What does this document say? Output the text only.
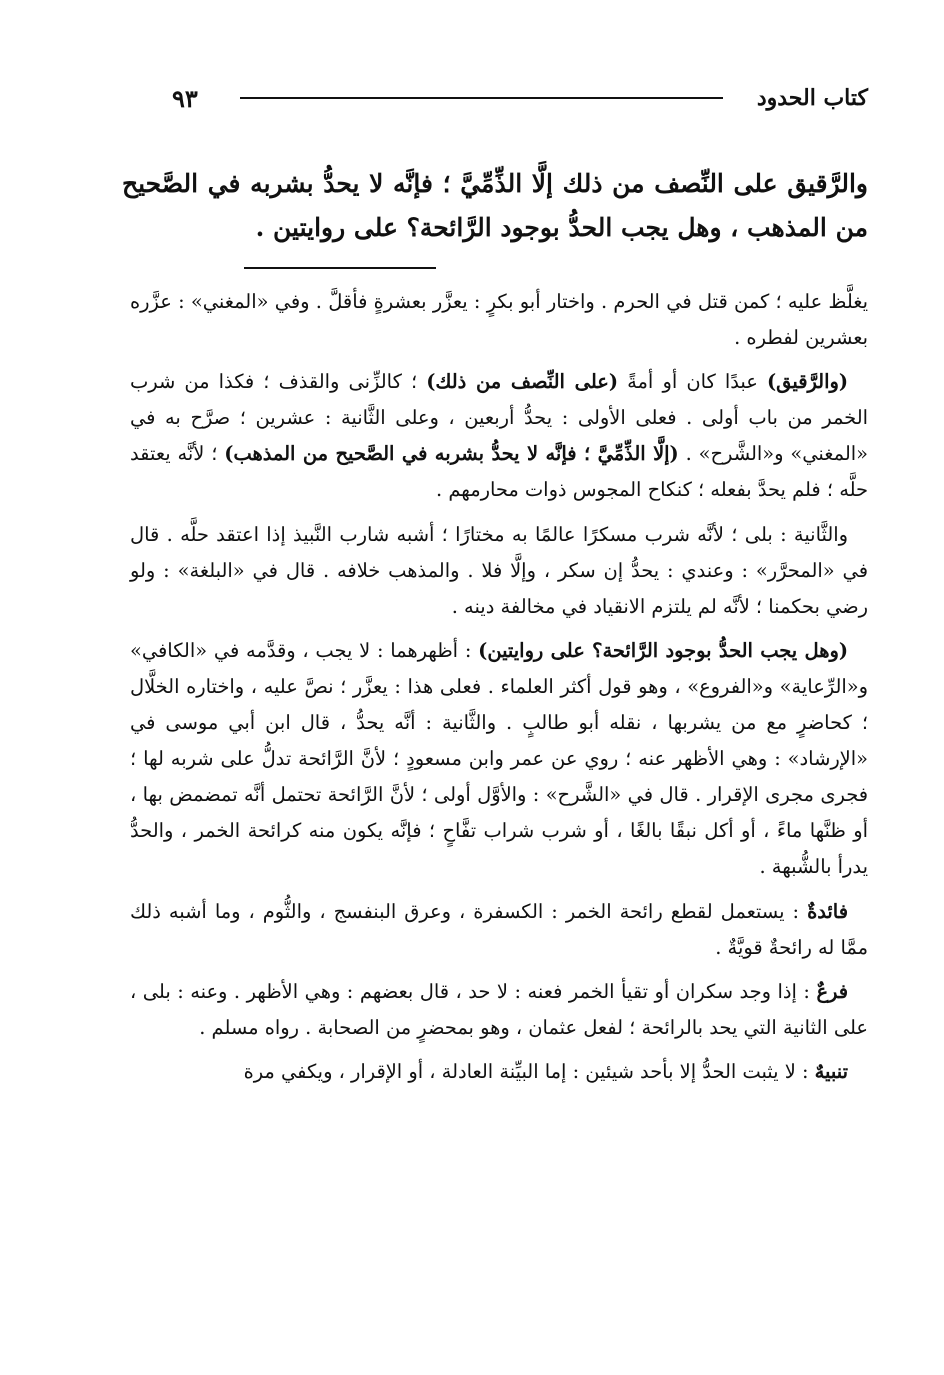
كتاب الحدود
٩٣
والرَّقيق على النِّصف من ذلك إلَّا الذِّمِّيَّ ؛ فإنَّه لا يحدُّ بشربه في الصَّحيح من المذهب ، وهل يجب الحدُّ بوجود الرَّائحة؟ على روايتين .

يغلَّظ عليه ؛ كمن قتل في الحرم . واختار أبو بكرٍ : يعزَّر بعشرةٍ فأقلَّ . وفي «المغني» : عزَّره بعشرين لفطره .

(والرَّقيق) عبدًا كان أو أمةً (على النِّصف من ذلك) ؛ كالزِّنى والقذف ؛ فكذا من شرب الخمر من باب أولى . فعلى الأولى : يحدُّ أربعين ، وعلى الثَّانية : عشرين ؛ صرَّح به في «المغني» و«الشَّرح» . (إلَّا الذِّمِّيَّ ؛ فإنَّه لا يحدُّ بشربه في الصَّحيح من المذهب) ؛ لأنَّه يعتقد حلَّه ؛ فلم يحدَّ بفعله ؛ كنكاح المجوس ذوات محارمهم .

والثَّانية : بلى ؛ لأنَّه شرب مسكرًا عالمًا به مختارًا ؛ أشبه شارب النَّبيذ إذا اعتقد حلَّه . قال في «المحرَّر» : وعندي : يحدُّ إن سكر ، وإلَّا فلا . والمذهب خلافه . قال في «البلغة» : ولو رضي بحكمنا ؛ لأنَّه لم يلتزم الانقياد في مخالفة دينه .

(وهل يجب الحدُّ بوجود الرَّائحة؟ على روايتين) : أظهرهما : لا يجب ، وقدَّمه في «الكافي» و«الرِّعاية» و«الفروع» ، وهو قول أكثر العلماء . فعلى هذا : يعزَّر ؛ نصَّ عليه ، واختاره الخلَّال ؛ كحاضرٍ مع من يشربها ، نقله أبو طالبٍ . والثَّانية : أنَّه يحدُّ ، قال ابن أبي موسى في «الإرشاد» : وهي الأظهر عنه ؛ روي عن عمر وابن مسعودٍ ؛ لأنَّ الرَّائحة تدلُّ على شربه لها ؛ فجرى مجرى الإقرار . قال في «الشَّرح» : والأوَّل أولى ؛ لأنَّ الرَّائحة تحتمل أنَّه تمضمض بها ، أو ظنَّها ماءً ، أو أكل نبقًا بالغًا ، أو شرب شراب تفَّاحٍ ؛ فإنَّه يكون منه كرائحة الخمر ، والحدُّ يدرأ بالشُّبهة .

فائدةٌ : يستعمل لقطع رائحة الخمر : الكسفرة ، وعرق البنفسج ، والثُّوم ، وما أشبه ذلك ممَّا له رائحةٌ قويَّةٌ .

فرعٌ : إذا وجد سكران أو تقيأ الخمر فعنه : لا حد ، قال بعضهم : وهي الأظهر . وعنه : بلى ، على الثانية التي يحد بالرائحة ؛ لفعل عثمان ، وهو بمحضرٍ من الصحابة . رواه مسلم .

تنبيهٌ : لا يثبت الحدُّ إلا بأحد شيئين : إما البيِّنة العادلة ، أو الإقرار ، ويكفي مرة
